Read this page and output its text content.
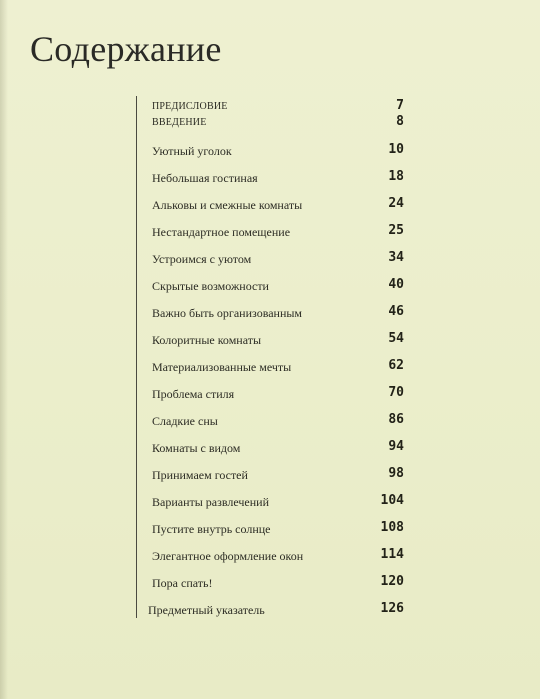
Содержание
ПРЕДИСЛОВИЕ	7
ВВЕДЕНИЕ	8
Уютный уголок	10
Небольшая гостиная	18
Альковы и смежные комнаты	24
Нестандартное помещение	25
Устроимся с уютом	34
Скрытые возможности	40
Важно быть организованным	46
Колоритные комнаты	54
Материализованные мечты	62
Проблема стиля	70
Сладкие сны	86
Комнаты с видом	94
Принимаем гостей	98
Варианты развлечений	104
Пустите внутрь солнце	108
Элегантное оформление окон	114
Пора спать!	120
Предметный указатель	126
